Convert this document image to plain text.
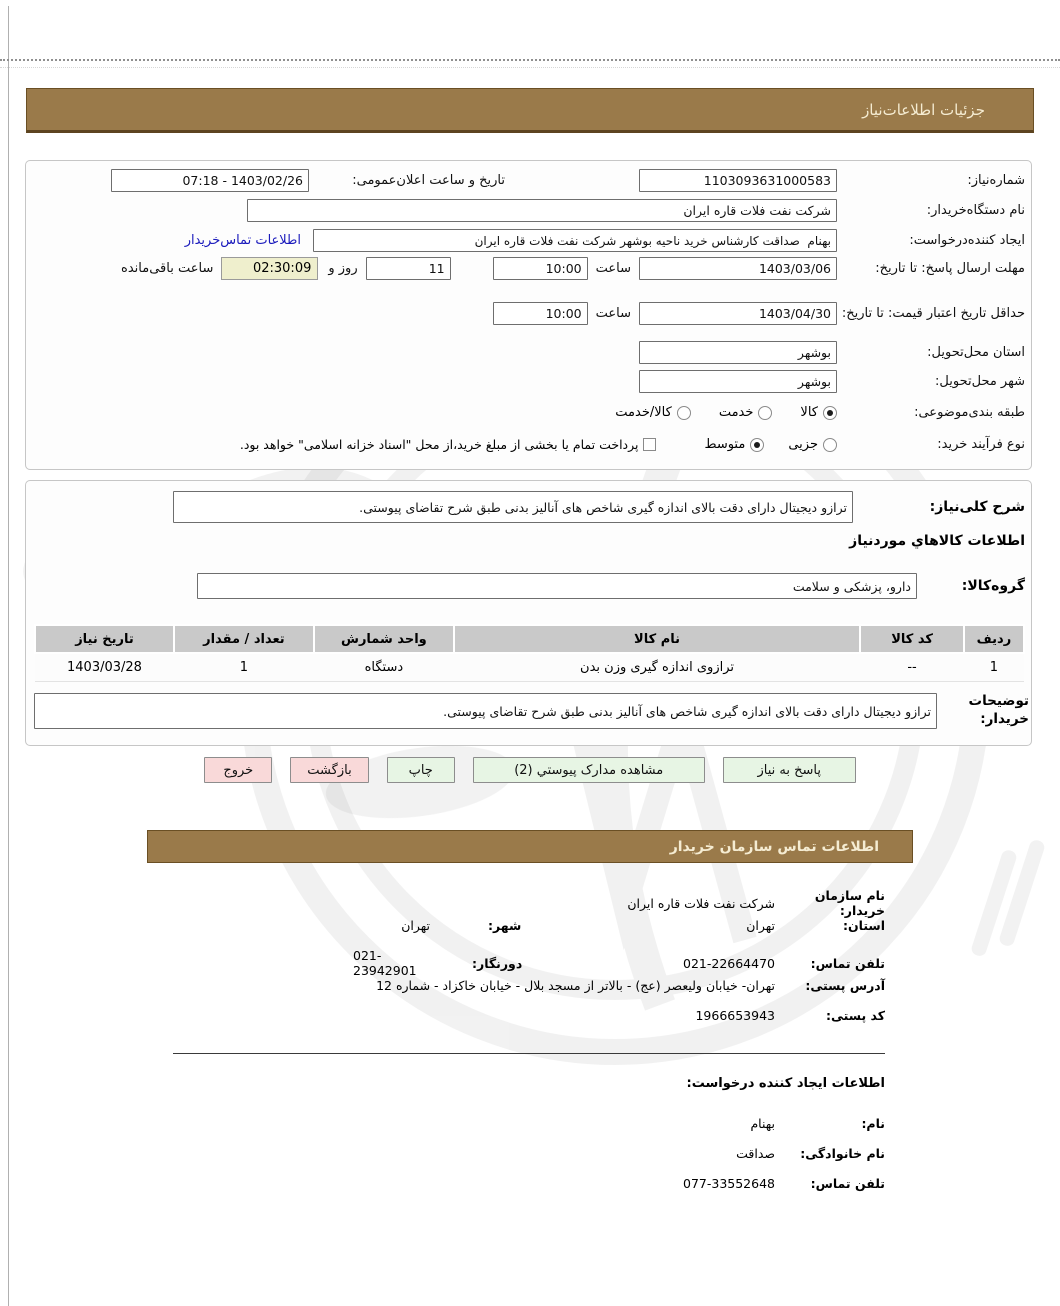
جزئیات اطلاعات‌نیاز
شماره‌نیاز:
1103093631000583
تاریخ و ساعت اعلان‌عمومی:
07:18 - 1403/02/26
نام دستگاه‌خریدار:
شرکت نفت فلات قاره ایران
ایجاد کننده‌درخواست:
بهنام صداقت کارشناس خرید ناحیه بوشهر شرکت نفت فلات قاره ایران
اطلاعات تماس‌خریدار
مهلت ارسال پاسخ: تا تاریخ:
1403/03/06
ساعت
10:00
11
روز و
02:30:09
ساعت باقی‌مانده
حداقل تاریخ اعتبار قیمت: تا تاریخ:
1403/04/30
ساعت
10:00
استان محل‌تحویل:
بوشهر
شهر محل‌تحویل:
بوشهر
طبقه بندی‌موضوعی:
کالا
خدمت
کالا/خدمت
نوع فرآیند خرید:
جزیی
متوسط
پرداخت تمام یا بخشی از مبلغ خرید،از محل "اسناد خزانه اسلامی" خواهد بود.
شرح کلی‌نیاز:
ترازو دیجیتال دارای دقت بالای اندازه گیری شاخص های آنالیز بدنی طبق شرح تقاضای پیوستی.
اطلاعات کالاهاي موردنياز
گروه‌کالا:
دارو، پزشکی و سلامت
ردیف	کد کالا	نام کالا	واحد شمارش	تعداد / مقدار	تاریخ نیاز
1	--	ترازوی اندازه گیری وزن بدن	دستگاه	1	1403/03/28
توضیحات خریدار:
ترازو دیجیتال دارای دقت بالای اندازه گیری شاخص های آنالیز بدنی طبق شرح تقاضای پیوستی.
پاسخ به نیاز
مشاهده مدارک پیوستي (2)
چاپ
بازگشت
خروج
اطلاعات تماس سازمان خریدار
نام سازمان خریدار:
شرکت نفت فلات قاره ایران
استان:
تهران
شهر:
تهران
تلفن تماس:
021-22664470
دورنگار:
021-23942901
آدرس پستی:
تهران- خیابان ولیعصر (عج) - بالاتر از مسجد بلال - خیابان خاکزاد - شماره 12
کد پستی:
1966653943
اطلاعات ایجاد کننده درخواست:
نام:
بهنام
نام خانوادگی:
صداقت
تلفن تماس:
077-33552648
